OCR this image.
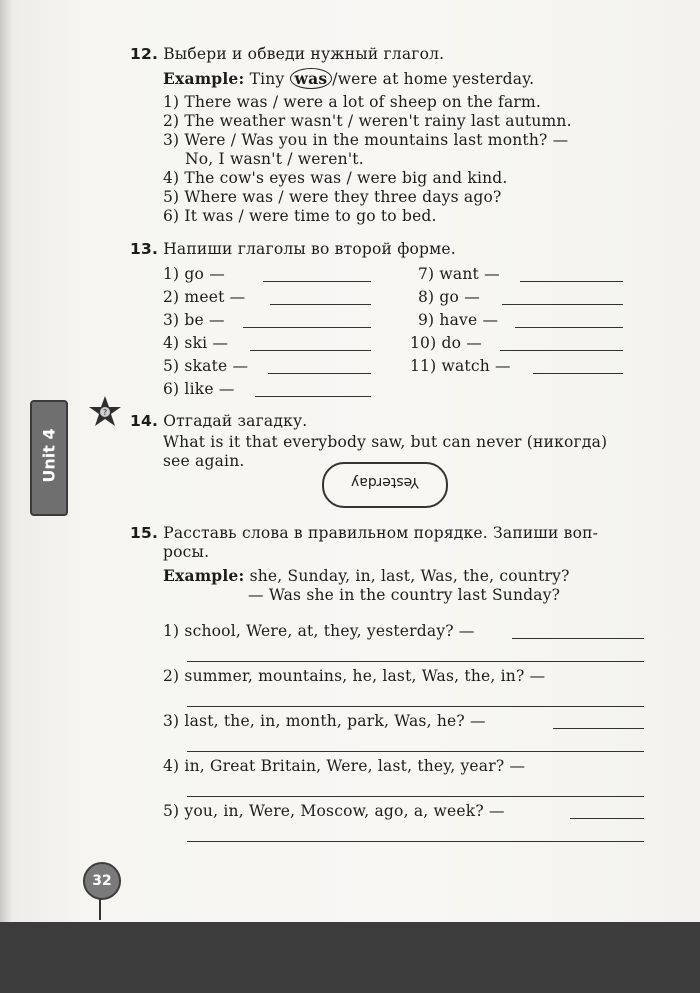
12. Выбери и обведи нужный глагол.
Example: Tiny was /were at home yesterday.
1) There was / were a lot of sheep on the farm.
2) The weather wasn't / weren't rainy last autumn.
3) Were / Was you in the mountains last month? —
No, I wasn't / weren't.
4) The cow's eyes was / were big and kind.
5) Where was / were they three days ago?
6) It was / were time to go to bed.
13. Напиши глаголы во второй форме.
1) go —
2) meet —
3) be —
4) ski —
5) skate —
6) like —
7) want —
8) go —
9) have —
10) do —
11) watch —
Unit 4
? 14. Отгадай загадку.
What is it that everybody saw, but can never (никогда)
see again.
Yesterday
15. Расставь слова в правильном порядке. Запиши воп-
росы.
Example: she, Sunday, in, last, Was, the, country?
— Was she in the country last Sunday?
1) school, Were, at, they, yesterday? —
2) summer, mountains, he, last, Was, the, in? —
3) last, the, in, month, park, Was, he? —
4) in, Great Britain, Were, last, they, year? —
5) you, in, Were, Moscow, ago, a, week? —
32
